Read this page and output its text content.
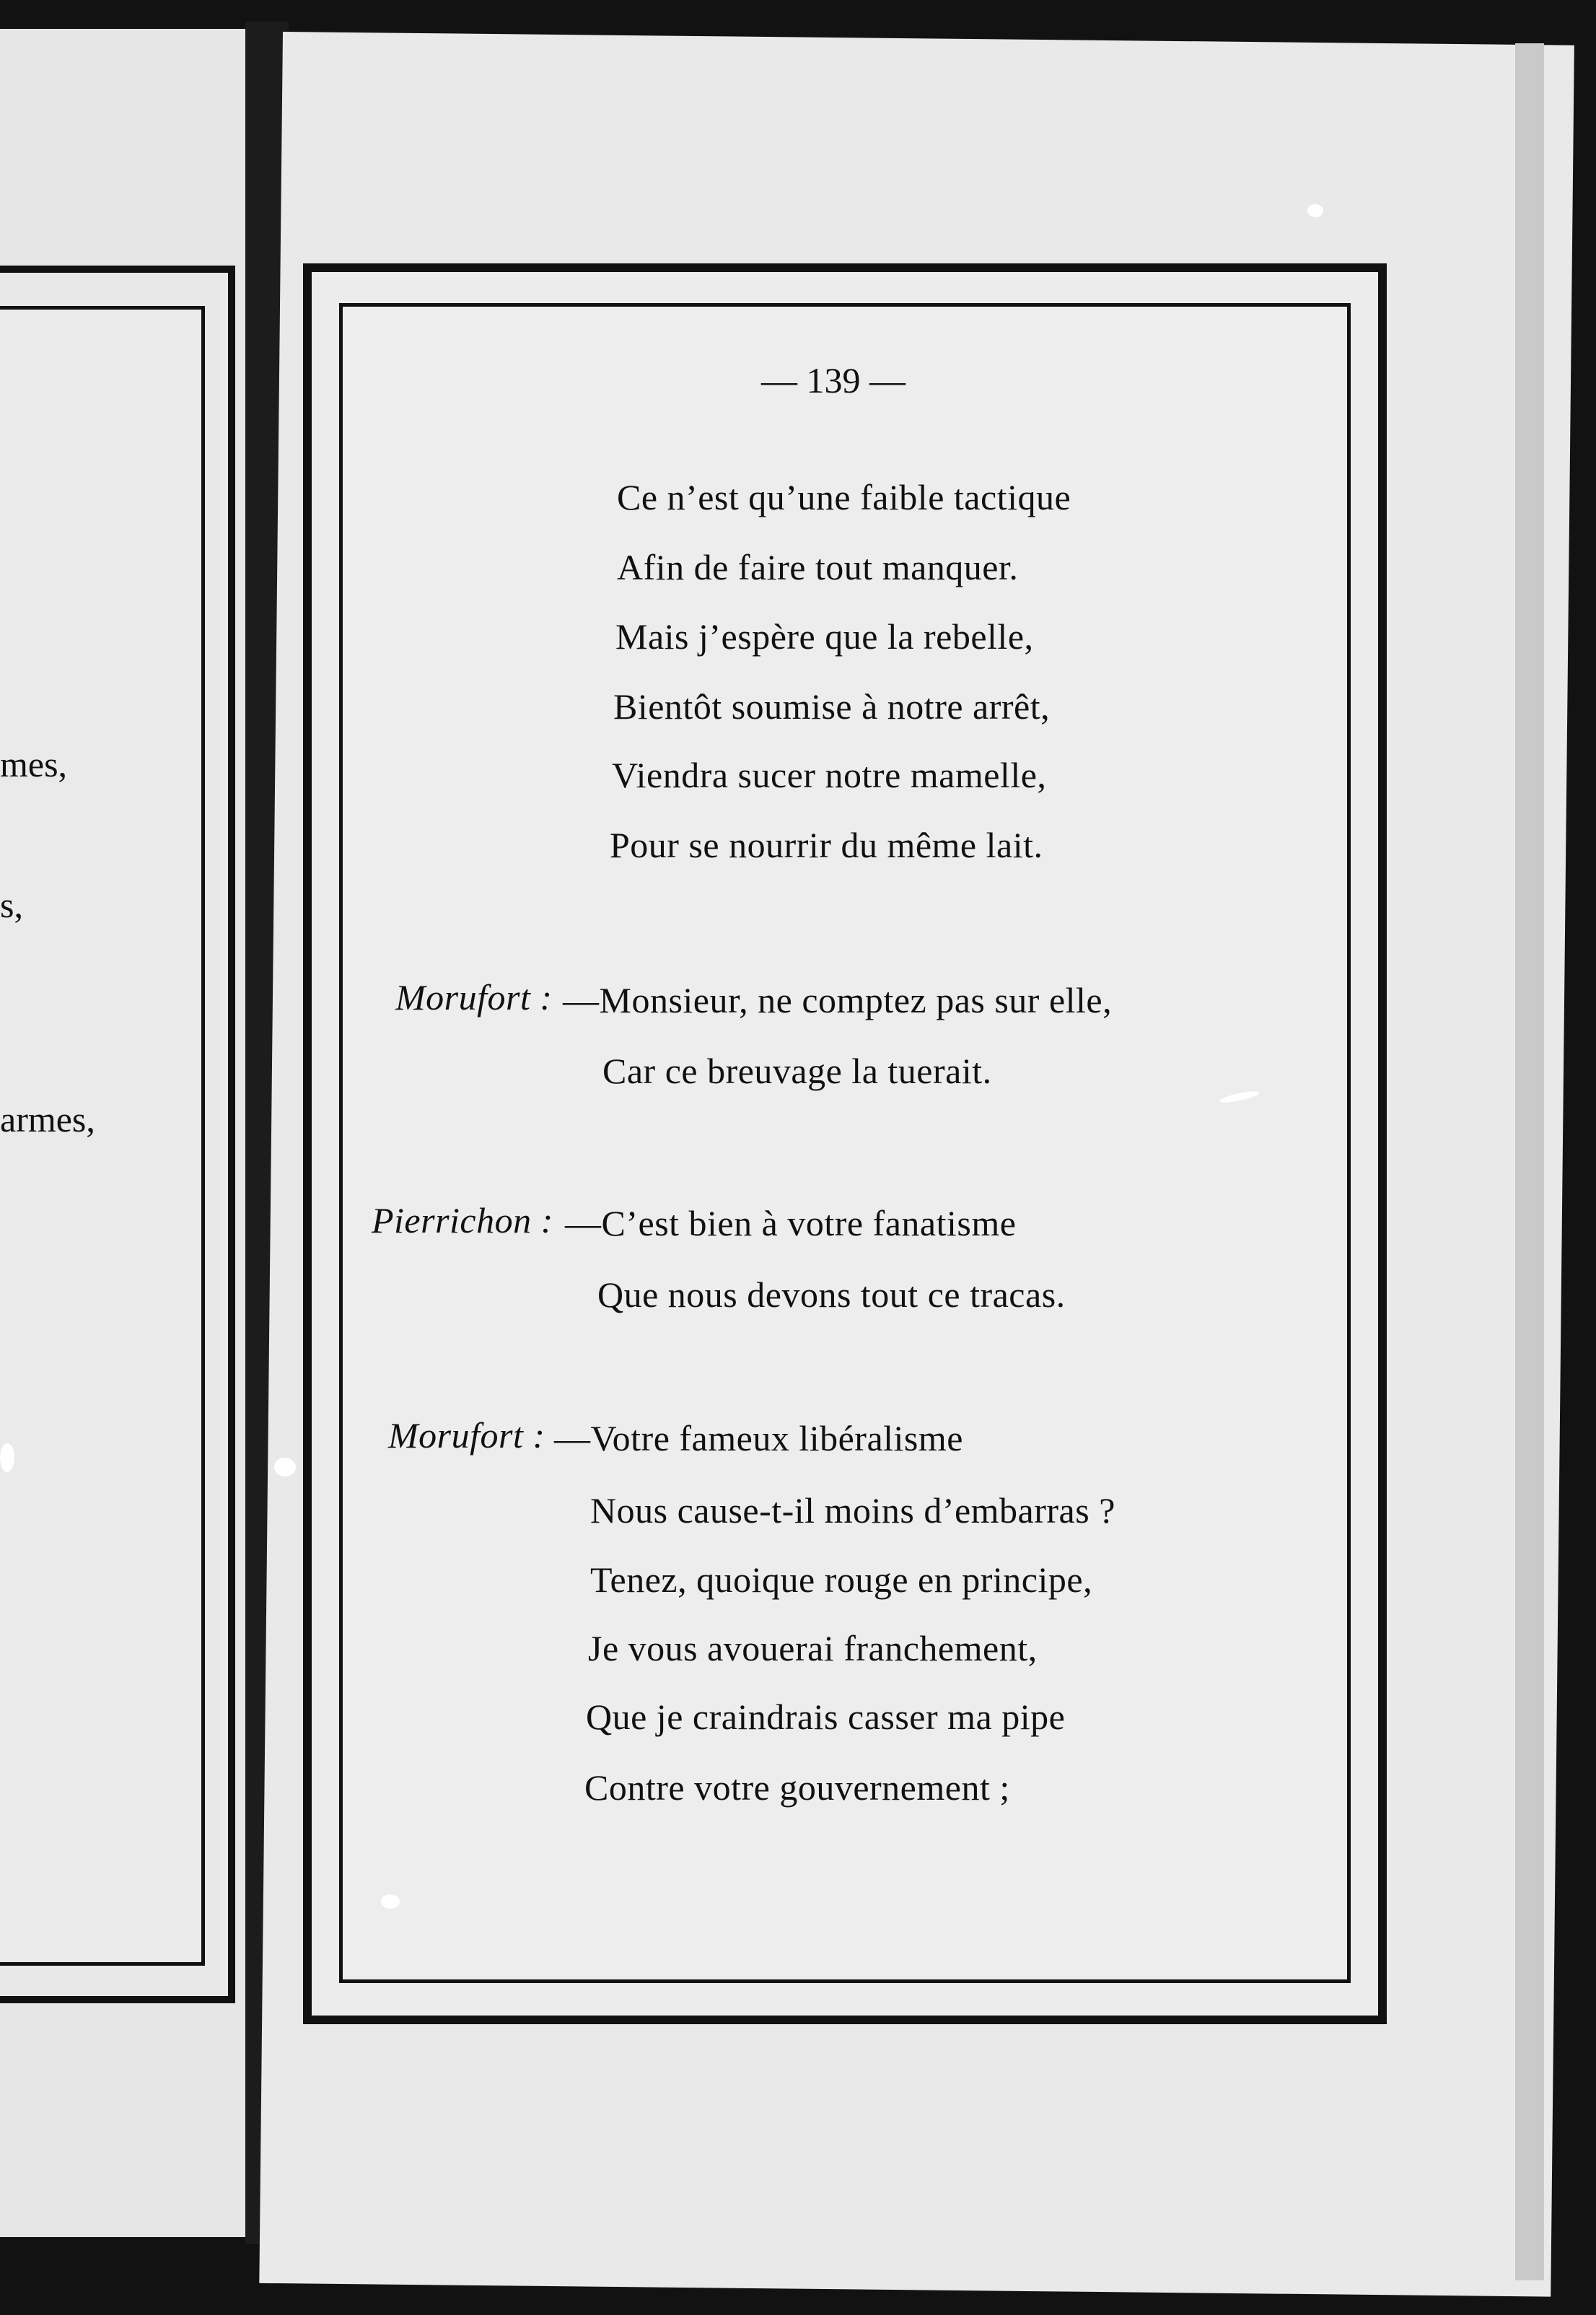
mes,
s,
armes,
— 139 —
Ce n’est qu’une faible tactique
Afin de faire tout manquer.
Mais j’espère que la rebelle,
Bientôt soumise à notre arrêt,
Viendra sucer notre mamelle,
Pour se nourrir du même lait.
Morufort : —Monsieur, ne comptez pas sur elle,
Car ce breuvage la tuerait.
Pierrichon : —C’est bien à votre fanatisme
Que nous devons tout ce tracas.
Morufort : —Votre fameux libéralisme
Nous cause-t-il moins d’embarras ?
Tenez, quoique rouge en principe,
Je vous avouerai franchement,
Que je craindrais casser ma pipe
Contre votre gouvernement ;
